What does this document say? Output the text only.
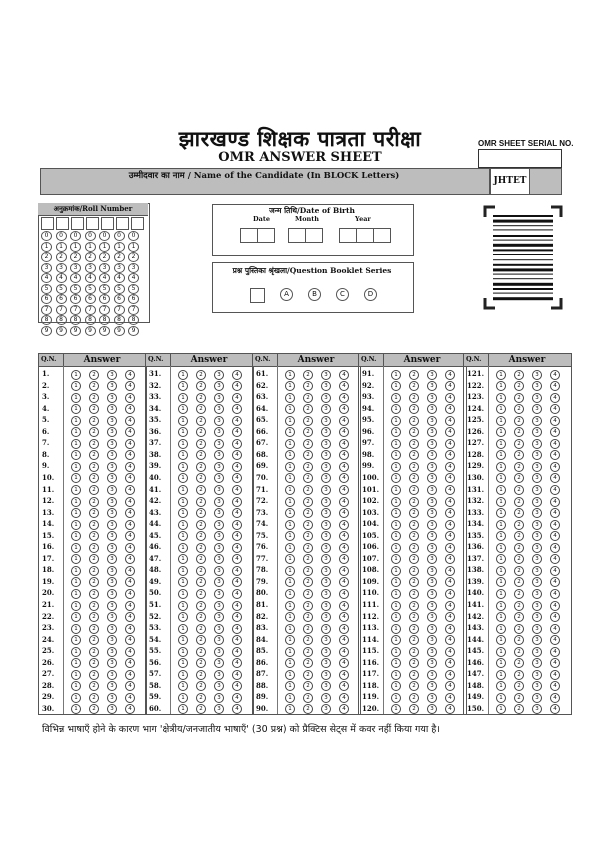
झारखण्ड शिक्षक पात्रता परीक्षा
OMR ANSWER SHEET
OMR SHEET SERIAL NO.
उम्मीदवार का नाम / Name of the Candidate (In BLOCK Letters)	JHTET
अनुक्रमांक/Roll Number
0
1
2
3
4
5
6
7
8
9
0
1
2
3
4
5
6
7
8
9
0
1
2
3
4
5
6
7
8
9
0
1
2
3
4
5
6
7
8
9
0
1
2
3
4
5
6
7
8
9
0
1
2
3
4
5
6
7
8
9
0
1
2
3
4
5
6
7
8
9
जन्म तिथि/Date of Birth
Date	Month	Year
प्रश्न पुस्तिका श्रृंखला/Question Booklet Series
A	B	C	D
Q.N.	Answer
1.	1	2	3	4
2.	1	2	3	4
3.	1	2	3	4
4.	1	2	3	4
5.	1	2	3	4
6.	1	2	3	4
7.	1	2	3	4
8.	1	2	3	4
9.	1	2	3	4
10.	1	2	3	4
11.	1	2	3	4
12.	1	2	3	4
13.	1	2	3	4
14.	1	2	3	4
15.	1	2	3	4
16.	1	2	3	4
17.	1	2	3	4
18.	1	2	3	4
19.	1	2	3	4
20.	1	2	3	4
21.	1	2	3	4
22.	1	2	3	4
23.	1	2	3	4
24.	1	2	3	4
25.	1	2	3	4
26.	1	2	3	4
27.	1	2	3	4
28.	1	2	3	4
29.	1	2	3	4
30.	1	2	3	4
Q.N.	Answer
31.	1	2	3	4
32.	1	2	3	4
33.	1	2	3	4
34.	1	2	3	4
35.	1	2	3	4
36.	1	2	3	4
37.	1	2	3	4
38.	1	2	3	4
39.	1	2	3	4
40.	1	2	3	4
41.	1	2	3	4
42.	1	2	3	4
43.	1	2	3	4
44.	1	2	3	4
45.	1	2	3	4
46.	1	2	3	4
47.	1	2	3	4
48.	1	2	3	4
49.	1	2	3	4
50.	1	2	3	4
51.	1	2	3	4
52.	1	2	3	4
53.	1	2	3	4
54.	1	2	3	4
55.	1	2	3	4
56.	1	2	3	4
57.	1	2	3	4
58.	1	2	3	4
59.	1	2	3	4
60.	1	2	3	4
Q.N.	Answer
61.	1	2	3	4
62.	1	2	3	4
63.	1	2	3	4
64.	1	2	3	4
65.	1	2	3	4
66.	1	2	3	4
67.	1	2	3	4
68.	1	2	3	4
69.	1	2	3	4
70.	1	2	3	4
71.	1	2	3	4
72.	1	2	3	4
73.	1	2	3	4
74.	1	2	3	4
75.	1	2	3	4
76.	1	2	3	4
77.	1	2	3	4
78.	1	2	3	4
79.	1	2	3	4
80.	1	2	3	4
81.	1	2	3	4
82.	1	2	3	4
83.	1	2	3	4
84.	1	2	3	4
85.	1	2	3	4
86.	1	2	3	4
87.	1	2	3	4
88.	1	2	3	4
89.	1	2	3	4
90.	1	2	3	4
Q.N.	Answer
91.	1	2	3	4
92.	1	2	3	4
93.	1	2	3	4
94.	1	2	3	4
95.	1	2	3	4
96.	1	2	3	4
97.	1	2	3	4
98.	1	2	3	4
99.	1	2	3	4
100.	1	2	3	4
101.	1	2	3	4
102.	1	2	3	4
103.	1	2	3	4
104.	1	2	3	4
105.	1	2	3	4
106.	1	2	3	4
107.	1	2	3	4
108.	1	2	3	4
109.	1	2	3	4
110.	1	2	3	4
111.	1	2	3	4
112.	1	2	3	4
113.	1	2	3	4
114.	1	2	3	4
115.	1	2	3	4
116.	1	2	3	4
117.	1	2	3	4
118.	1	2	3	4
119.	1	2	3	4
120.	1	2	3	4
Q.N.	Answer
121.	1	2	3	4
122.	1	2	3	4
123.	1	2	3	4
124.	1	2	3	4
125.	1	2	3	4
126.	1	2	3	4
127.	1	2	3	4
128.	1	2	3	4
129.	1	2	3	4
130.	1	2	3	4
131.	1	2	3	4
132.	1	2	3	4
133.	1	2	3	4
134.	1	2	3	4
135.	1	2	3	4
136.	1	2	3	4
137.	1	2	3	4
138.	1	2	3	4
139.	1	2	3	4
140.	1	2	3	4
141.	1	2	3	4
142.	1	2	3	4
143.	1	2	3	4
144.	1	2	3	4
145.	1	2	3	4
146.	1	2	3	4
147.	1	2	3	4
148.	1	2	3	4
149.	1	2	3	4
150.	1	2	3	4
विभिन्न भाषाएँ होने के कारण भाग 'क्षेत्रीय/जनजातीय भाषाएँ' (30 प्रश्न) को प्रैक्टिस सेट्स में कवर नहीं किया गया है।
